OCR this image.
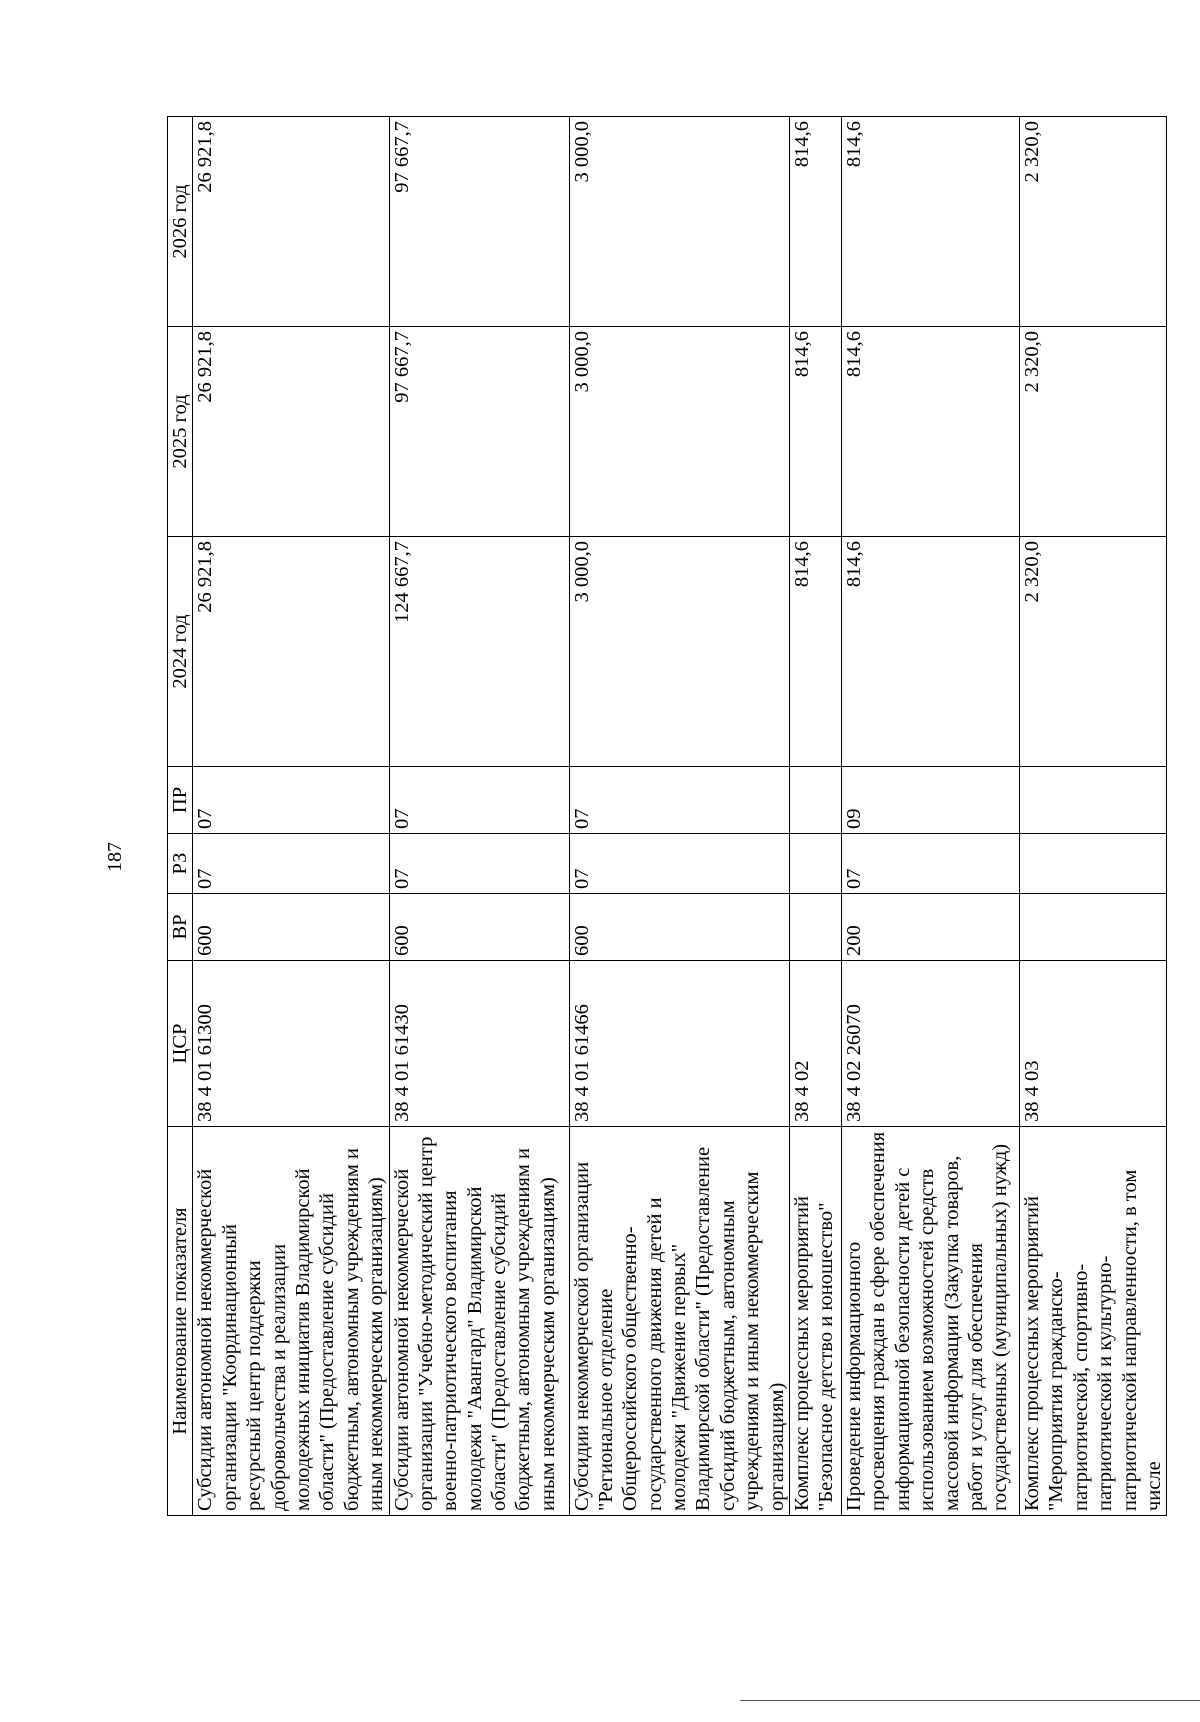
187
Наименование показателя	ЦСР	ВР	РЗ	ПР	2024 год	2025 год	2026 год
Субсидии автономной некоммерческой организации "Координационный ресурсный центр поддержки добровольчества и реализации молодежных инициатив Владимирской области" (Предоставление субсидий бюджетным, автономным учреждениям и иным некоммерческим организациям)	38 4 01 61300	600	07	07	26 921,8	26 921,8	26 921,8
Субсидии автономной некоммерческой организации "Учебно-методический центр военно-патриотического воспитания молодежи "Авангард" Владимирской области" (Предоставление субсидий бюджетным, автономным учреждениям и иным некоммерческим организациям)	38 4 01 61430	600	07	07	124 667,7	97 667,7	97 667,7
Субсидии некоммерческой организации "Региональное отделение Общероссийского общественно-государственного движения детей и молодежи "Движение первых" Владимирской области" (Предоставление субсидий бюджетным, автономным учреждениям и иным некоммерческим организациям)	38 4 01 61466	600	07	07	3 000,0	3 000,0	3 000,0
Комплекс процессных мероприятий "Безопасное детство и юношество"	38 4 02				814,6	814,6	814,6
Проведение информационного просвещения граждан в сфере обеспечения информационной безопасности детей с использованием возможностей средств массовой информации (Закупка товаров, работ и услуг для обеспечения государственных (муниципальных) нужд)	38 4 02 26070	200	07	09	814,6	814,6	814,6
Комплекс процессных мероприятий "Мероприятия гражданско-патриотической, спортивно-патриотической и культурно-патриотической направленности, в том числе	38 4 03				2 320,0	2 320,0	2 320,0
